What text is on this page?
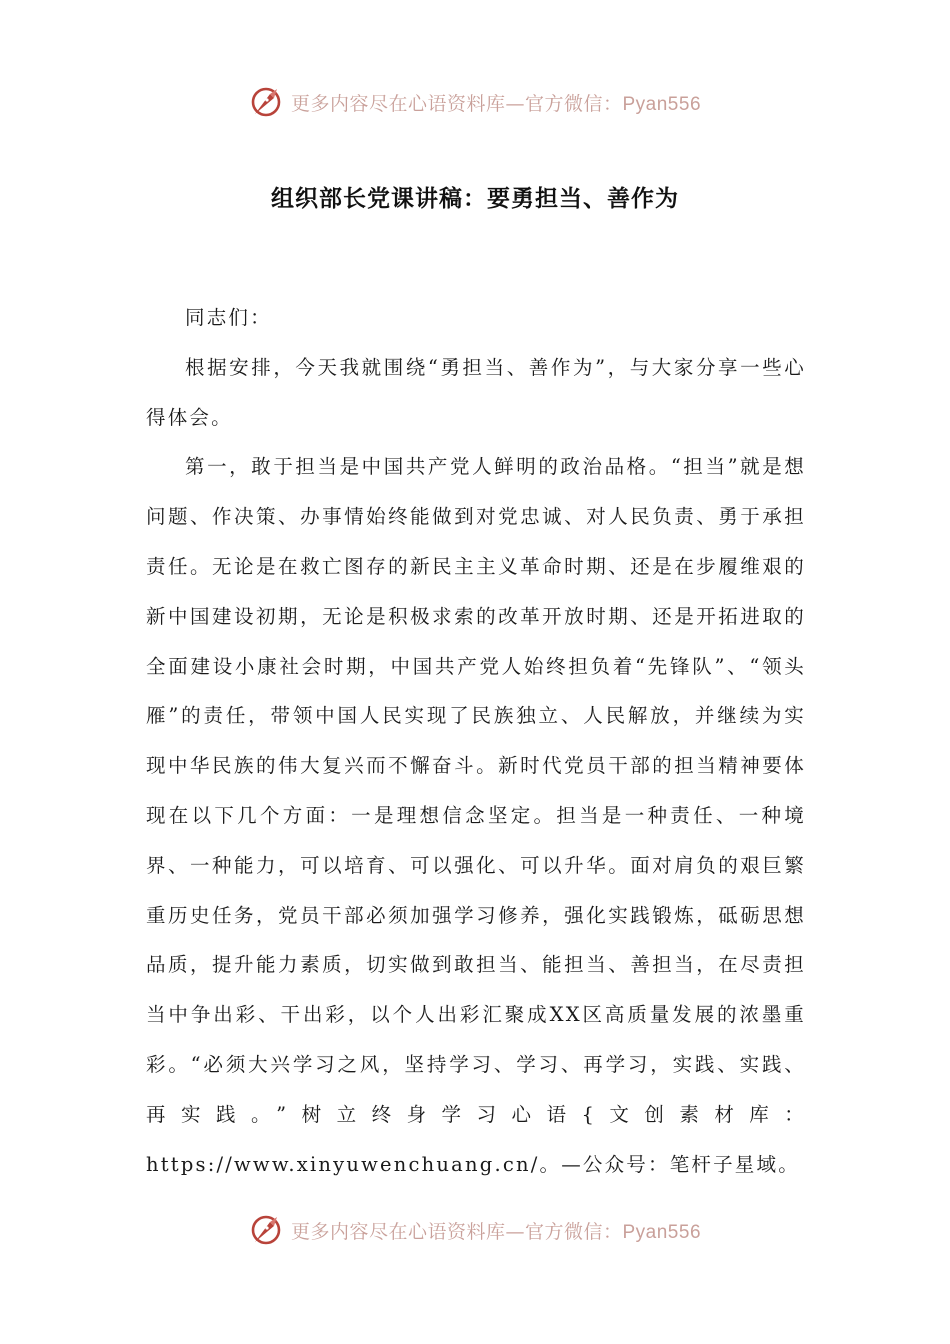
更多内容尽在心语资料库—官方微信：Pyan556
组织部长党课讲稿：要勇担当、善作为

同志们：

根据安排，今天我就围绕“勇担当、善作为”，与大家分享一些心得体会。

第一，敢于担当是中国共产党人鲜明的政治品格。“担当”就是想问题、作决策、办事情始终能做到对党忠诚、对人民负责、勇于承担责任。无论是在救亡图存的新民主主义革命时期、还是在步履维艰的新中国建设初期，无论是积极求索的改革开放时期、还是开拓进取的全面建设小康社会时期，中国共产党人始终担负着“先锋队”、“领头雁”的责任，带领中国人民实现了民族独立、人民解放，并继续为实现中华民族的伟大复兴而不懈奋斗。新时代党员干部的担当精神要体现在以下几个方面：一是理想信念坚定。担当是一种责任、一种境界、一种能力，可以培育、可以强化、可以升华。面对肩负的艰巨繁重历史任务，党员干部必须加强学习修养，强化实践锻炼，砥砺思想品质，提升能力素质，切实做到敢担当、能担当、善担当，在尽责担当中争出彩、干出彩，以个人出彩汇聚成XX区高质量发展的浓墨重彩。“必须大兴学习之风，坚持学习、学习、再学习，实践、实践、再实践。”树立终身学习心语{文创素材库：https://www.xinyuwenchuang.cn/。—公众号：笔杆子星域。

更多内容尽在心语资料库—官方微信：Pyan556
